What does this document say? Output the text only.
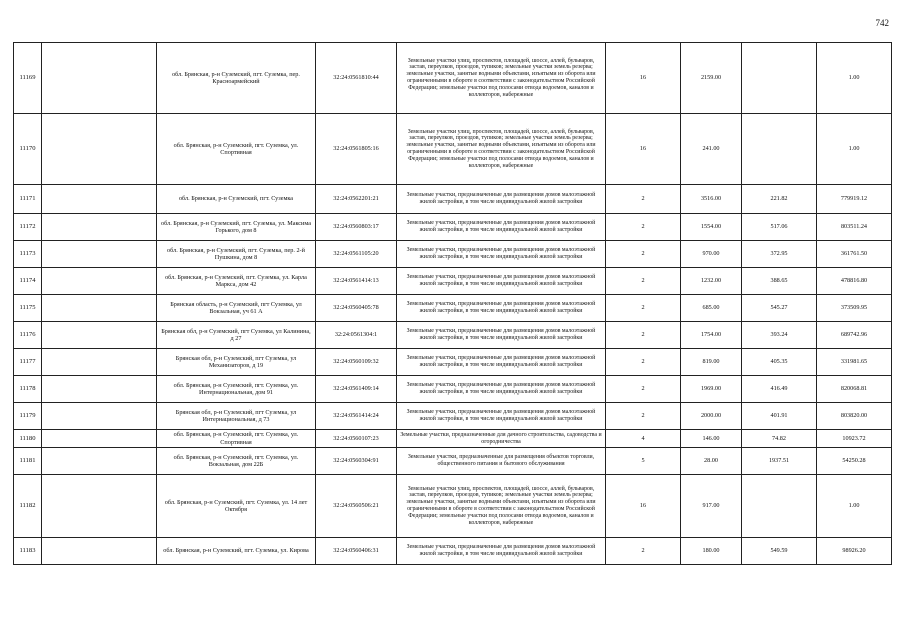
742
11169		обл. Брянская, р-н Суземский, пгт. Суземка, пер. Красноармейский	32:24:0561810:44	Земельные участки улиц, проспектов, площадей, шоссе, аллей, бульваров, застав, переулков, проездов, тупиков; земельные участки земель резерва; земельные участки, занятые водными объектами, изъятыми из оборота или ограниченными в обороте в соответствии с законодательством Российской Федерации; земельные участки под полосами отвода водоемов, каналов и коллекторов, набережные	16	2159.00		1.00
11170		обл. Брянская, р-н Суземский, пгт. Суземка, ул. Спортивная	32:24:0561805:16	Земельные участки улиц, проспектов, площадей, шоссе, аллей, бульваров, застав, переулков, проездов, тупиков; земельные участки земель резерва; земельные участки, занятые водными объектами, изъятыми из оборота или ограниченными в обороте в соответствии с законодательством Российской Федерации; земельные участки под полосами отвода водоемов, каналов и коллекторов, набережные	16	241.00		1.00
11171		обл. Брянская, р-н Суземский, пгт. Суземка	32:24:0562201:21	Земельные участки, предназначенные для размещения домов малоэтажной жилой застройки, в том числе индивидуальной жилой застройки	2	3516.00	221.82	779919.12
11172		обл. Брянская, р-н Суземский, пгт. Суземка, ул. Максима Горького, дом 8	32:24:0560803:17	Земельные участки, предназначенные для размещения домов малоэтажной жилой застройки, в том числе индивидуальной жилой застройки	2	1554.00	517.06	803511.24
11173		обл. Брянская, р-н Суземский, пгт. Суземка, пер. 2-й Пушкина, дом 8	32:24:0561105:20	Земельные участки, предназначенные для размещения домов малоэтажной жилой застройки, в том числе индивидуальной жилой застройки	2	970.00	372.95	361761.50
11174		обл. Брянская, р-н Суземский, пгт. Суземка, ул. Карла Маркса, дом 42	32:24:0561414:13	Земельные участки, предназначенные для размещения домов малоэтажной жилой застройки, в том числе индивидуальной жилой застройки	2	1232.00	388.65	478816.80
11175		Брянская область, р-н Суземский, пгт Суземка, ул Вокзальная, уч 61 А	32:24:0560405:78	Земельные участки, предназначенные для размещения домов малоэтажной жилой застройки, в том числе индивидуальной жилой застройки	2	685.00	545.27	373509.95
11176		Брянская обл, р-н Суземский, пгт Суземка, ул Калинина, д 27	32:24:0561304:1	Земельные участки, предназначенные для размещения домов малоэтажной жилой застройки, в том числе индивидуальной жилой застройки	2	1754.00	393.24	689742.96
11177		Брянская обл, р-н Суземский, пгт Суземка, ул Механизаторов, д 19	32:24:0560109:32	Земельные участки, предназначенные для размещения домов малоэтажной жилой застройки, в том числе индивидуальной жилой застройки	2	819.00	405.35	331981.65
11178		обл. Брянская, р-н Суземский, пгт. Суземка, ул. Интернациональная, дом 91	32:24:0561409:14	Земельные участки, предназначенные для размещения домов малоэтажной жилой застройки, в том числе индивидуальной жилой застройки	2	1969.00	416.49	820068.81
11179		Брянская обл, р-н Суземский, пгт Суземка, ул Интернациональная, д 73	32:24:0561414:24	Земельные участки, предназначенные для размещения домов малоэтажной жилой застройки, в том числе индивидуальной жилой застройки	2	2000.00	401.91	803820.00
11180		обл. Брянская, р-н Суземский, пгт. Суземка, ул. Спортивная	32:24:0560107:23	Земельные участки, предназначенные для дачного строительства, садоводства и огородничества	4	146.00	74.82	10923.72
11181		обл. Брянская, р-н Суземский, пгт. Суземка, ул. Вокзальная, дом 22Б	32:24:0560304:91	Земельные участки, предназначенные для размещения объектов торговли, общественного питания и бытового обслуживания	5	28.00	1937.51	54250.28
11182		обл. Брянская, р-н Суземский, пгт. Суземка, ул. 14 лет Октября	32:24:0560506:21	Земельные участки улиц, проспектов, площадей, шоссе, аллей, бульваров, застав, переулков, проездов, тупиков; земельные участки земель резерва; земельные участки, занятые водными объектами, изъятыми из оборота или ограниченными в обороте в соответствии с законодательством Российской Федерации; земельные участки под полосами отвода водоемов, каналов и коллекторов, набережные	16	917.00		1.00
11183		обл. Брянская, р-н Суземский, пгт. Суземка, ул. Кирова	32:24:0560406:31	Земельные участки, предназначенные для размещения домов малоэтажной жилой застройки, в том числе индивидуальной жилой застройки	2	180.00	549.59	98926.20
